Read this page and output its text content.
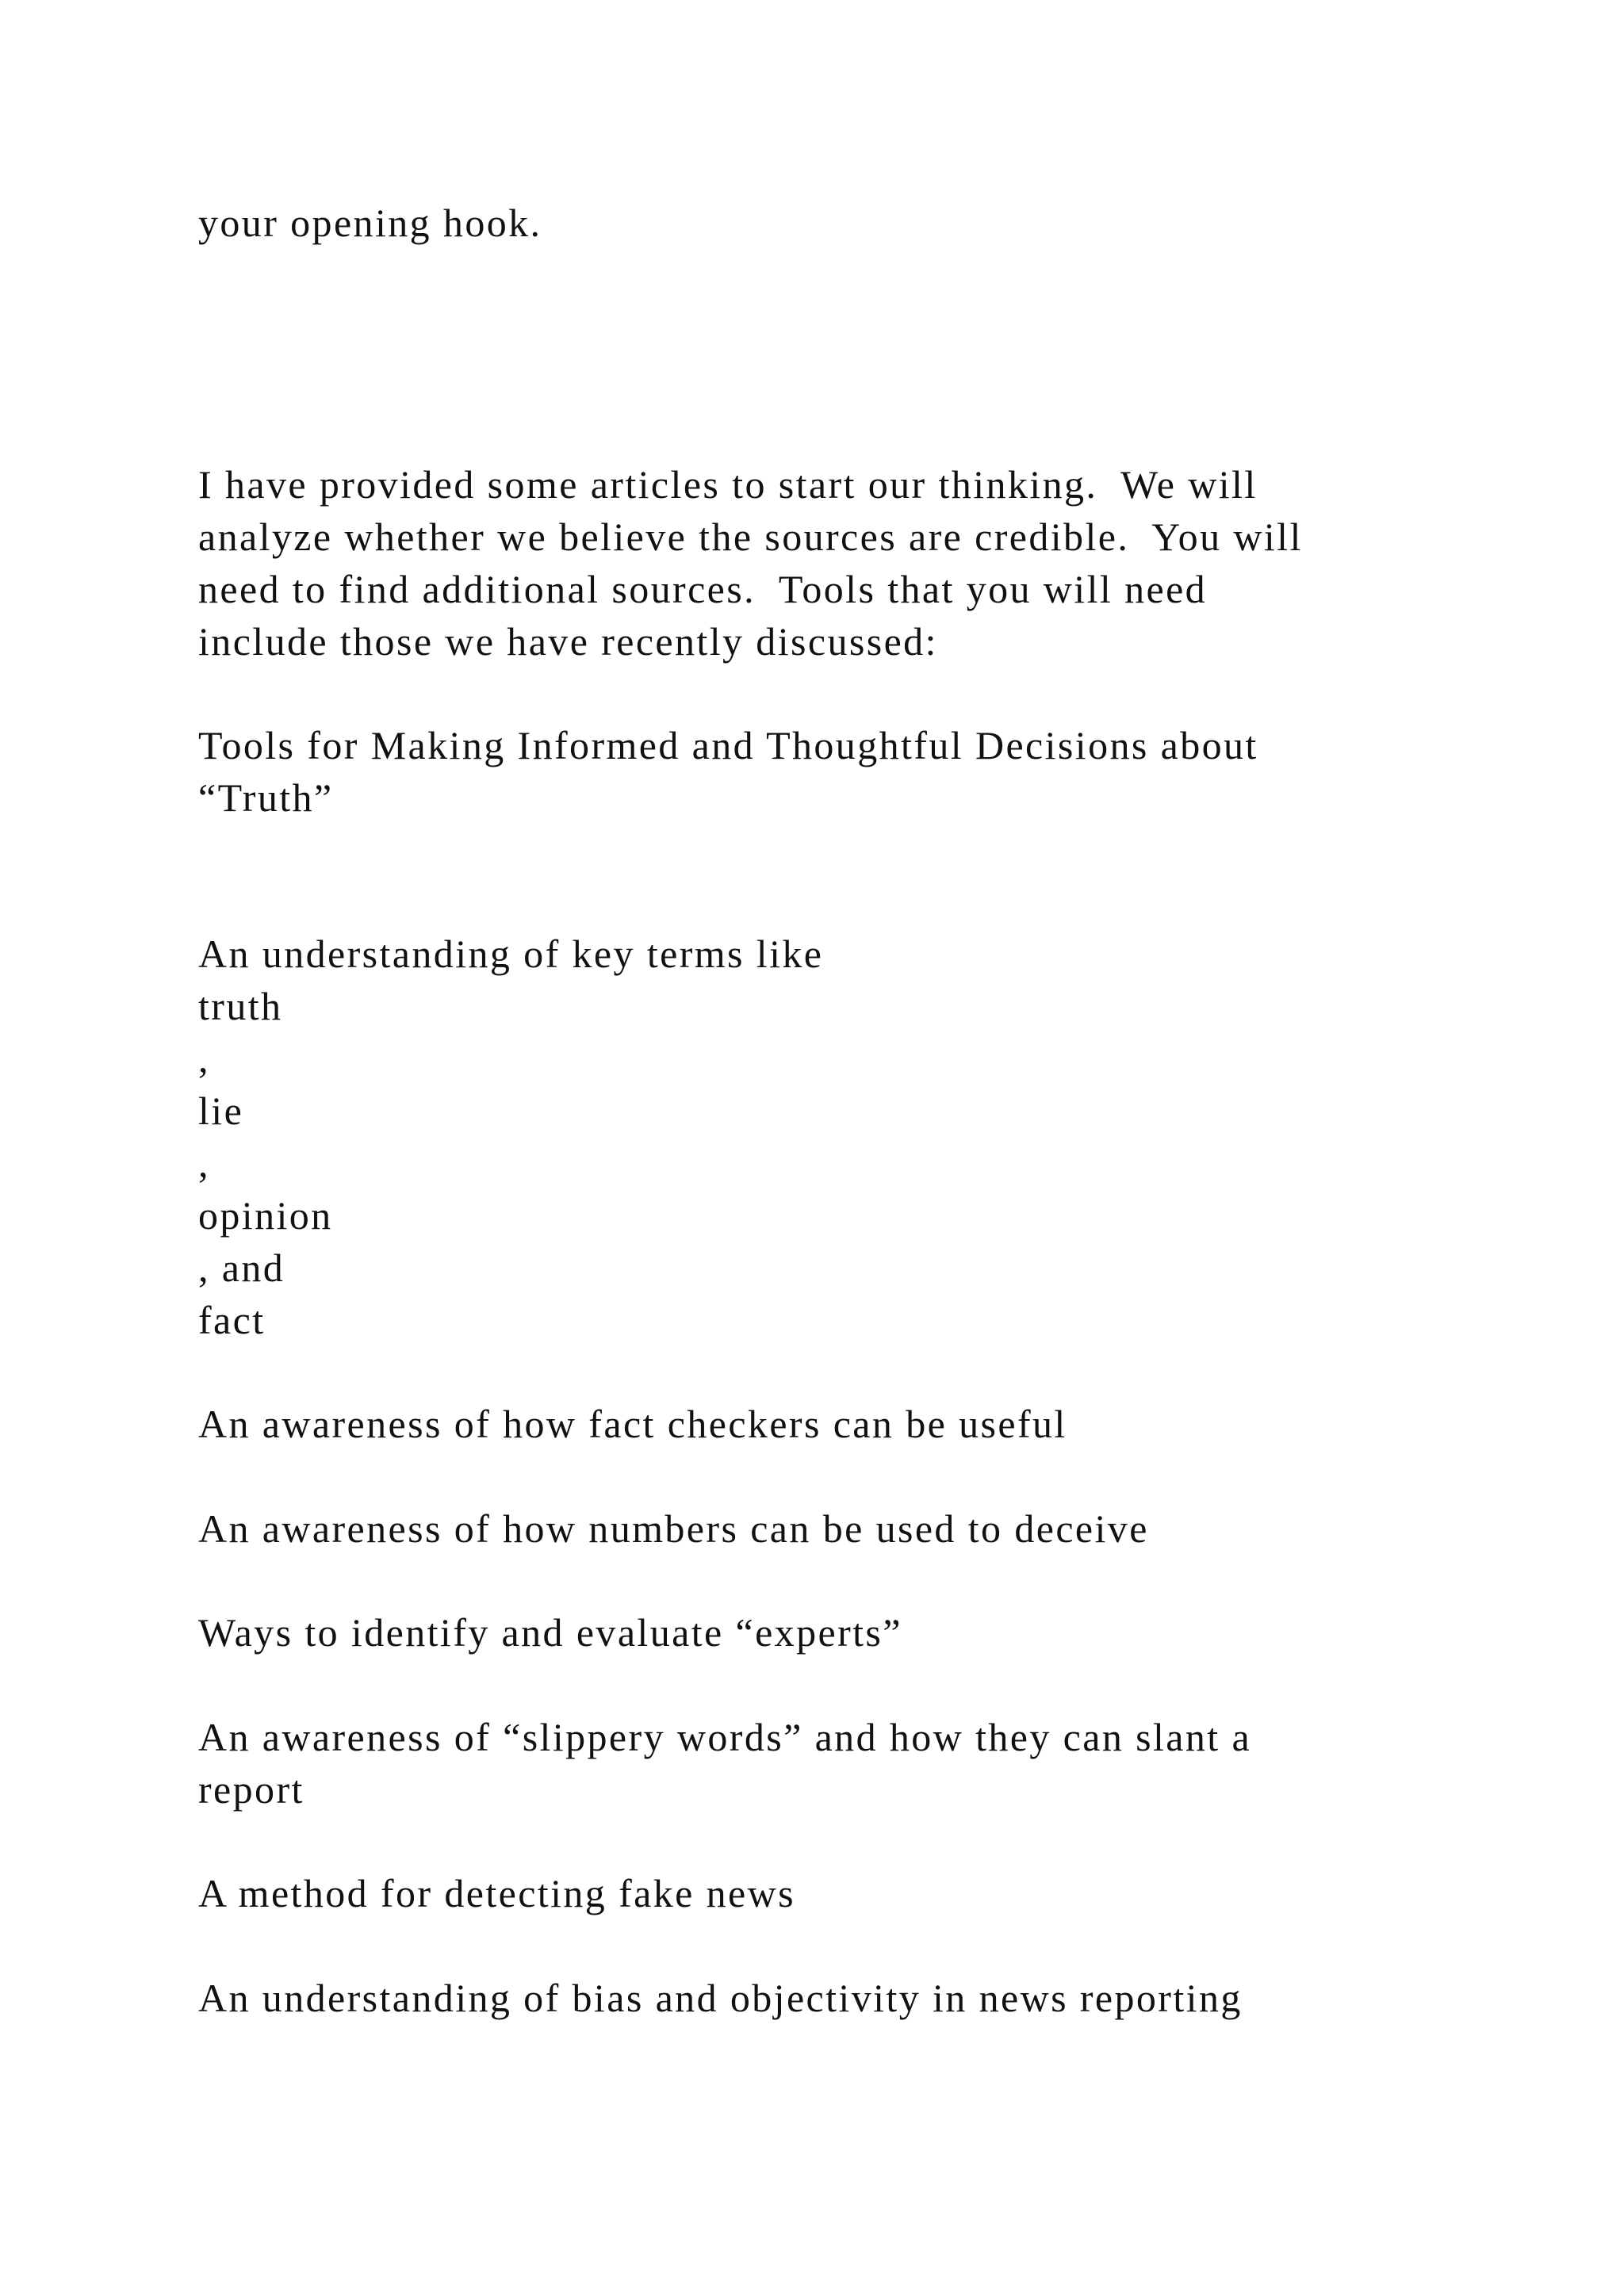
your opening hook.

I have provided some articles to start our thinking.  We will

analyze whether we believe the sources are credible.  You will

need to find additional sources.  Tools that you will need

include those we have recently discussed:

Tools for Making Informed and Thoughtful Decisions about

“Truth”

An understanding of key terms like

truth

,

lie

,

opinion

, and

fact

An awareness of how fact checkers can be useful

An awareness of how numbers can be used to deceive

Ways to identify and evaluate “experts”

An awareness of “slippery words” and how they can slant a

report

A method for detecting fake news

An understanding of bias and objectivity in news reporting
